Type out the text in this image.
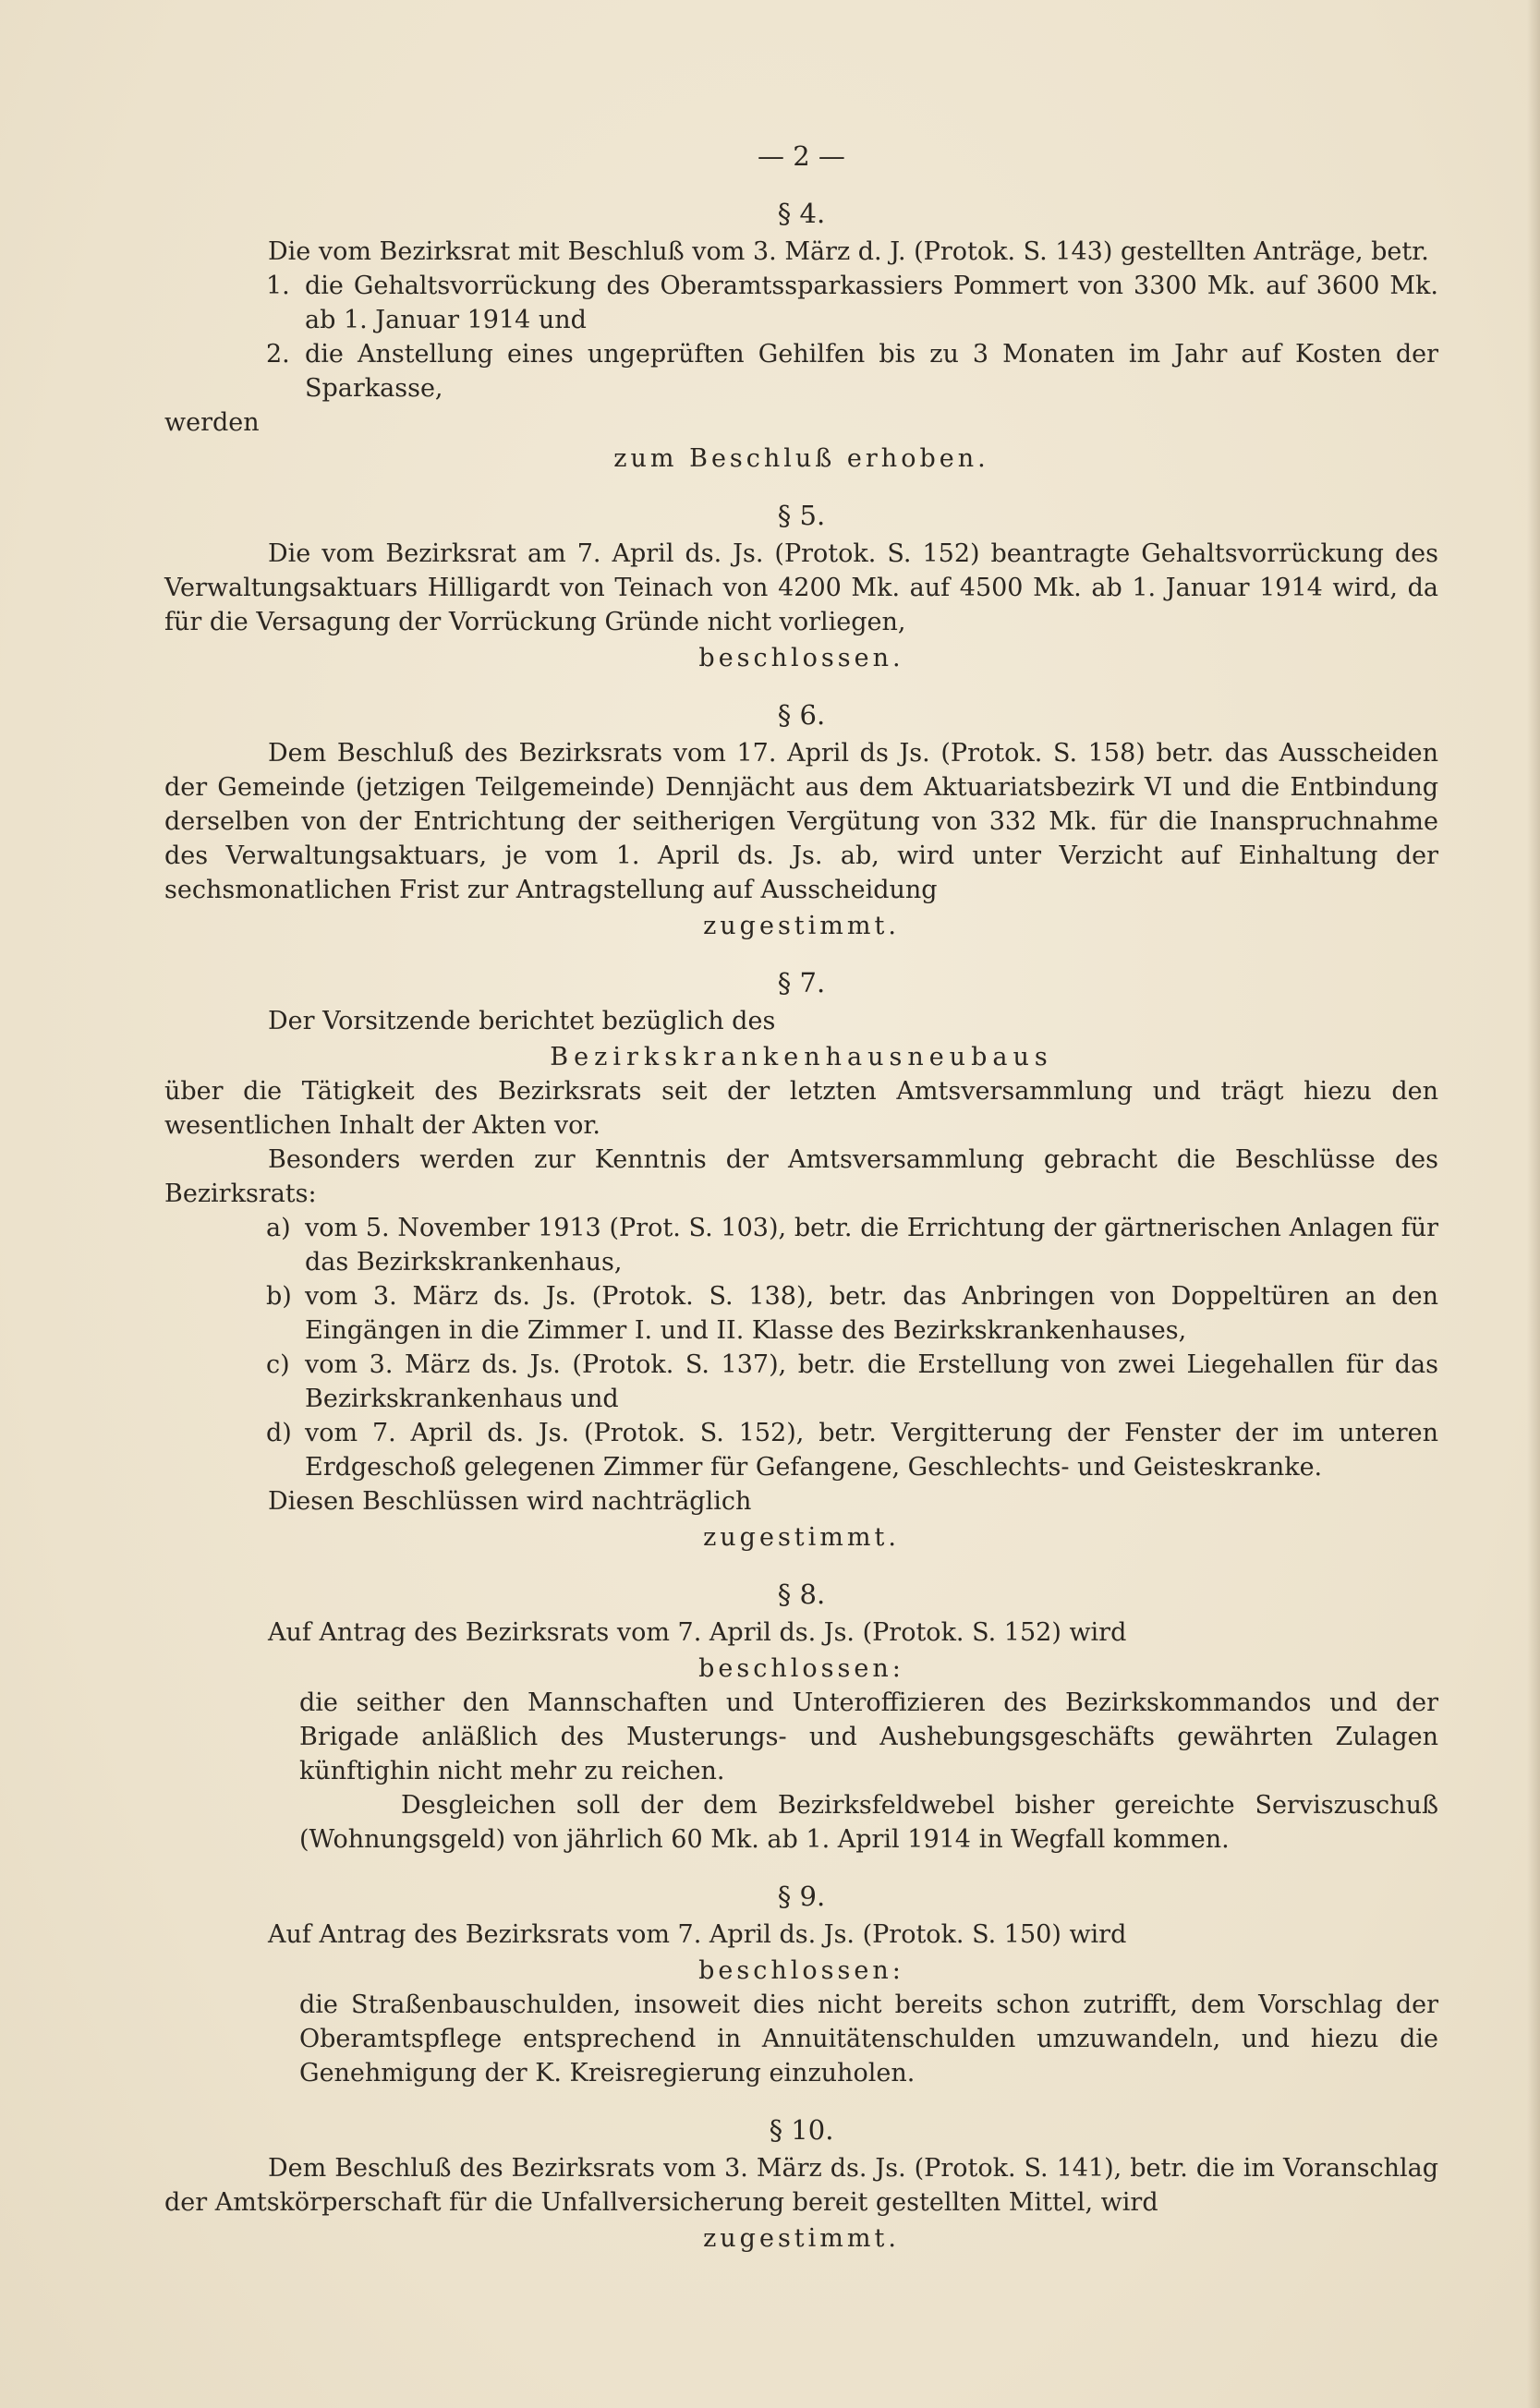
— 2 —
§ 4.

Die vom Bezirksrat mit Beschluß vom 3. März d. J. (Protok. S. 143) gestellten Anträge, betr.

1. die Gehaltsvorrückung des Oberamtssparkassiers Pommert von 3300 Mk. auf 3600 Mk. ab 1. Januar 1914 und
2. die Anstellung eines ungeprüften Gehilfen bis zu 3 Monaten im Jahr auf Kosten der Sparkasse,

werden

zum Beschluß erhoben.
§ 5.

Die vom Bezirksrat am 7. April ds. Js. (Protok. S. 152) beantragte Gehaltsvorrückung des Verwaltungsaktuars Hilligardt von Teinach von 4200 Mk. auf 4500 Mk. ab 1. Januar 1914 wird, da für die Versagung der Vorrückung Gründe nicht vorliegen,

beschlossen.
§ 6.

Dem Beschluß des Bezirksrats vom 17. April ds Js. (Protok. S. 158) betr. das Ausscheiden der Gemeinde (jetzigen Teilgemeinde) Dennjächt aus dem Aktuariatsbezirk VI und die Entbindung derselben von der Entrichtung der seitherigen Vergütung von 332 Mk. für die Inanspruchnahme des Verwaltungsaktuars, je vom 1. April ds. Js. ab, wird unter Verzicht auf Einhaltung der sechsmonatlichen Frist zur Antragstellung auf Ausscheidung

zugestimmt.
§ 7.

Der Vorsitzende berichtet bezüglich des

Bezirkskrankenhausneubaus

über die Tätigkeit des Bezirksrats seit der letzten Amtsversammlung und trägt hiezu den wesentlichen Inhalt der Akten vor.

Besonders werden zur Kenntnis der Amtsversammlung gebracht die Beschlüsse des Bezirksrats:

a) vom 5. November 1913 (Prot. S. 103), betr. die Errichtung der gärtnerischen Anlagen für das Bezirkskrankenhaus,
b) vom 3. März ds. Js. (Protok. S. 138), betr. das Anbringen von Doppeltüren an den Eingängen in die Zimmer I. und II. Klasse des Bezirkskrankenhauses,
c) vom 3. März ds. Js. (Protok. S. 137), betr. die Erstellung von zwei Liegehallen für das Bezirkskrankenhaus und
d) vom 7. April ds. Js. (Protok. S. 152), betr. Vergitterung der Fenster der im unteren Erdgeschoß gelegenen Zimmer für Gefangene, Geschlechts- und Geisteskranke.

Diesen Beschlüssen wird nachträglich

zugestimmt.
§ 8.

Auf Antrag des Bezirksrats vom 7. April ds. Js. (Protok. S. 152) wird

beschlossen:
die seither den Mannschaften und Unteroffizieren des Bezirkskommandos und der Brigade anläßlich des Musterungs- und Aushebungsgeschäfts gewährten Zulagen künftighin nicht mehr zu reichen.
Desgleichen soll der dem Bezirksfeldwebel bisher gereichte Serviszuschuß (Wohnungsgeld) von jährlich 60 Mk. ab 1. April 1914 in Wegfall kommen.
§ 9.

Auf Antrag des Bezirksrats vom 7. April ds. Js. (Protok. S. 150) wird

beschlossen:
die Straßenbauschulden, insoweit dies nicht bereits schon zutrifft, dem Vorschlag der Oberamtspflege entsprechend in Annuitätenschulden umzuwandeln, und hiezu die Genehmigung der K. Kreisregierung einzuholen.
§ 10.

Dem Beschluß des Bezirksrats vom 3. März ds. Js. (Protok. S. 141), betr. die im Voranschlag der Amtskörperschaft für die Unfallversicherung bereit gestellten Mittel, wird

zugestimmt.
